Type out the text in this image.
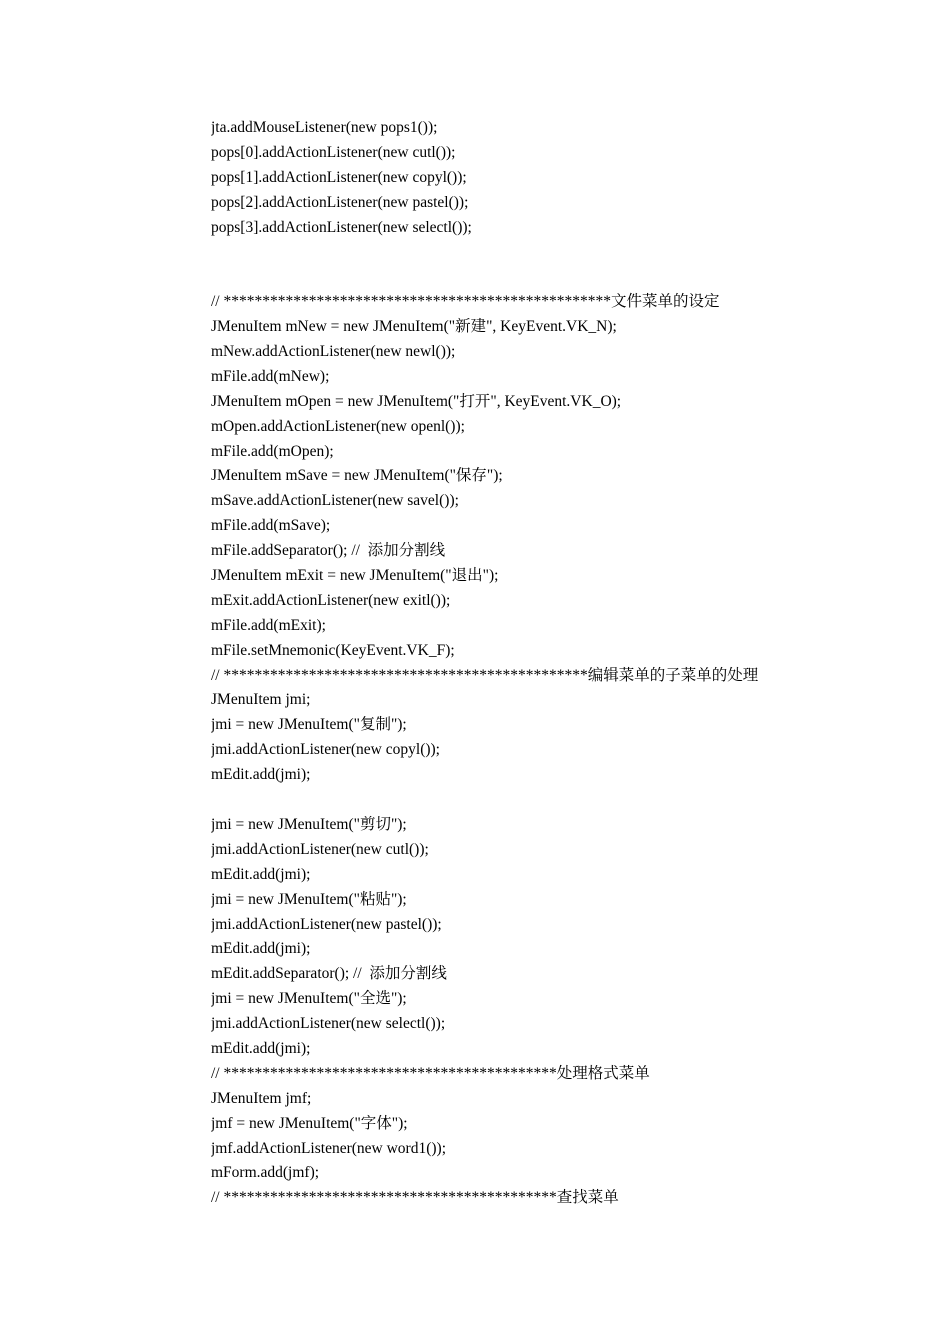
jta.addMouseListener(new pops1());
pops[0].addActionListener(new cutl());
pops[1].addActionListener(new copyl());
pops[2].addActionListener(new pastel());
pops[3].addActionListener(new selectl());
// **************************************************文件菜单的设定
JMenuItem mNew = new JMenuItem("新建", KeyEvent.VK_N);
mNew.addActionListener(new newl());
mFile.add(mNew);
JMenuItem mOpen = new JMenuItem("打开", KeyEvent.VK_O);
mOpen.addActionListener(new openl());
mFile.add(mOpen);
JMenuItem mSave = new JMenuItem("保存");
mSave.addActionListener(new savel());
mFile.add(mSave);
mFile.addSeparator(); //  添加分割线
JMenuItem mExit = new JMenuItem("退出");
mExit.addActionListener(new exitl());
mFile.add(mExit);
mFile.setMnemonic(KeyEvent.VK_F);
// ***********************************************编辑菜单的子菜单的处理
JMenuItem jmi;
jmi = new JMenuItem("复制");
jmi.addActionListener(new copyl());
mEdit.add(jmi);
jmi = new JMenuItem("剪切");
jmi.addActionListener(new cutl());
mEdit.add(jmi);
jmi = new JMenuItem("粘贴");
jmi.addActionListener(new pastel());
mEdit.add(jmi);
mEdit.addSeparator(); //  添加分割线
jmi = new JMenuItem("全选");
jmi.addActionListener(new selectl());
mEdit.add(jmi);
// *******************************************处理格式菜单
JMenuItem jmf;
jmf = new JMenuItem("字体");
jmf.addActionListener(new word1());
mForm.add(jmf);
// *******************************************查找菜单
